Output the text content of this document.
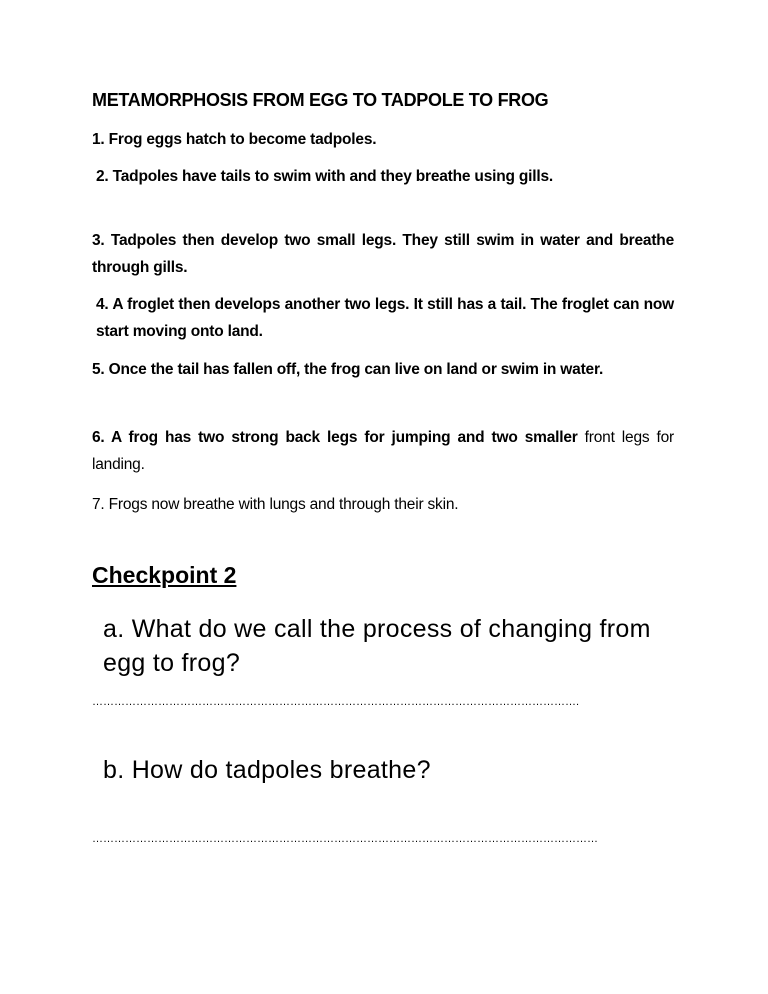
METAMORPHOSIS FROM EGG TO TADPOLE TO FROG
1. Frog eggs hatch to become tadpoles.
2. Tadpoles have tails to swim with and they breathe using gills.
3. Tadpoles then develop two small legs. They still swim in water and breathe through gills.
4. A froglet then develops another two legs. It still has a tail. The froglet can now start moving onto land.
5. Once the tail has fallen off, the frog can live on land or swim in water.
6. A frog has two strong back legs for jumping and two smaller front legs for landing.
7. Frogs now breathe with lungs and through their skin.
Checkpoint 2
a. What do we call the process of changing from egg to frog?
…………………………………………………………………………………………………………………….
b. How do tadpoles breathe?
…………………………………………………………………………………………………………………………
